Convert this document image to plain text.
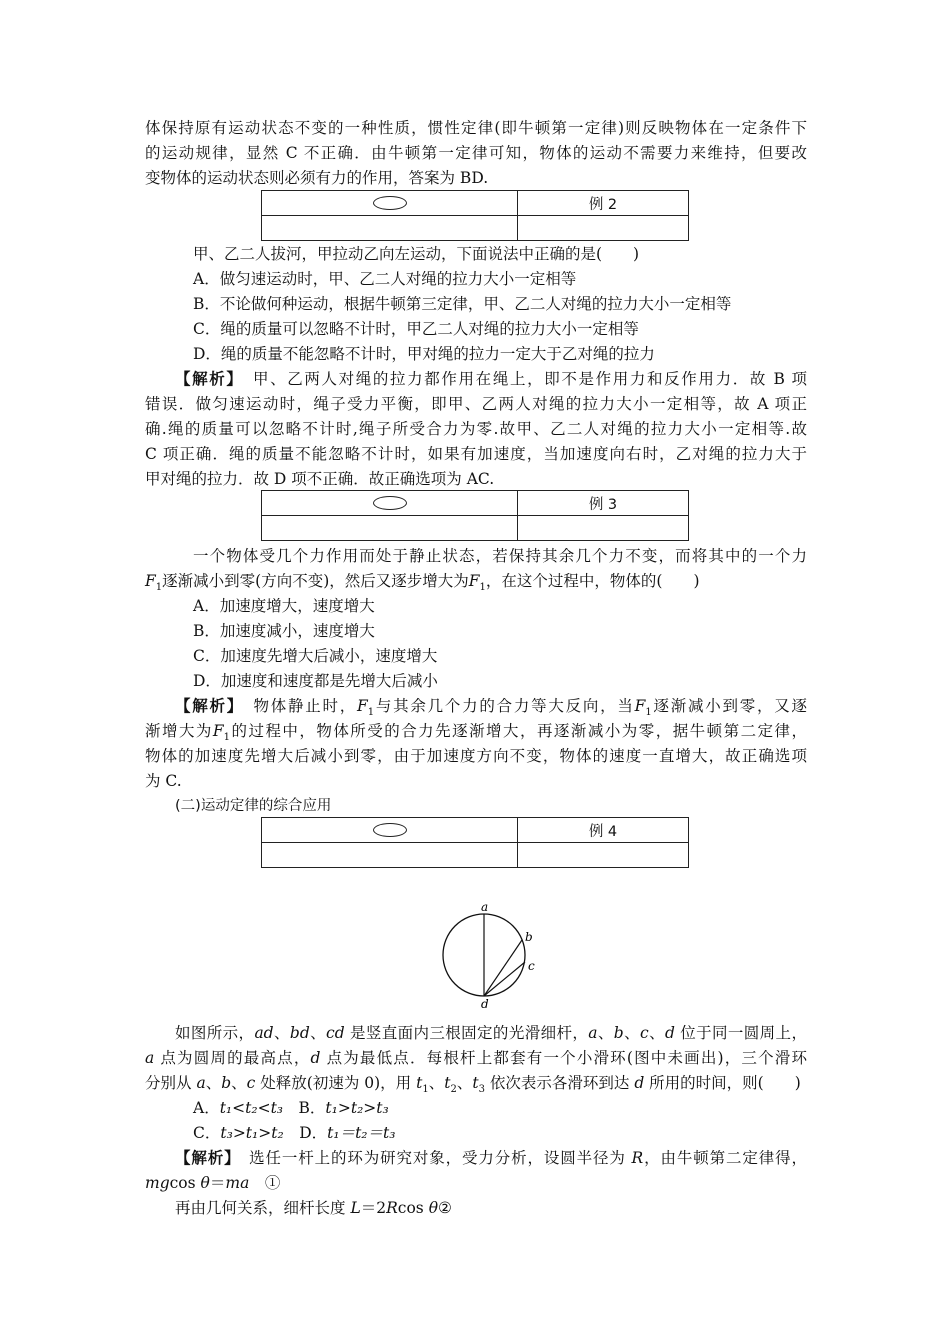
体保持原有运动状态不变的一种性质，惯性定律(即牛顿第一定律)则反映物体在一定条件下
的运动规律，显然 C 不正确．由牛顿第一定律可知，物体的运动不需要力来维持，但要改
变物体的运动状态则必须有力的作用，答案为 BD.
	例 2

甲、乙二人拔河，甲拉动乙向左运动，下面说法中正确的是(　　)
A．做匀速运动时，甲、乙二人对绳的拉力大小一定相等
B．不论做何种运动，根据牛顿第三定律，甲、乙二人对绳的拉力大小一定相等
C．绳的质量可以忽略不计时，甲乙二人对绳的拉力大小一定相等
D．绳的质量不能忽略不计时，甲对绳的拉力一定大于乙对绳的拉力
【解析】　 甲、乙两人对绳的拉力都作用在绳上，即不是作用力和反作用力．故 B 项
错误．做匀速运动时，绳子受力平衡，即甲、乙两人对绳的拉力大小一定相等，故 A 项正
确.绳的质量可以忽略不计时,绳子所受合力为零.故甲、乙二人对绳的拉力大小一定相等.故
C 项正确．绳的质量不能忽略不计时，如果有加速度，当加速度向右时，乙对绳的拉力大于
甲对绳的拉力．故 D 项不正确．故正确选项为 AC.
	例 3

一个物体受几个力作用而处于静止状态，若保持其余几个力不变，而将其中的一个力
$F_1$逐渐减小到零(方向不变)，然后又逐步增大为$F_1$，在这个过程中，物体的(　　)
A．加速度增大，速度增大
B．加速度减小，速度增大
C．加速度先增大后减小，速度增大
D．加速度和速度都是先增大后减小
【解析】　 物体静止时，$F_1$与其余几个力的合力等大反向，当$F_1$逐渐减小到零，又逐
渐增大为$F_1$的过程中，物体所受的合力先逐渐增大，再逐渐减小为零，据牛顿第二定律，
物体的加速度先增大后减小到零，由于加速度方向不变，物体的速度一直增大，故正确选项
为 C.
(二)运动定律的综合应用
	例 4

a
b
c
d
如图所示，ad、bd、cd 是竖直面内三根固定的光滑细杆，a、b、c、d 位于同一圆周上，
a 点为圆周的最高点，d 点为最低点．每根杆上都套有一个小滑环(图中未画出)，三个滑环
分别从 a、b、c 处释放(初速为 0)，用 $t_1$、$t_2$、$t_3$ 依次表示各滑环到达 d 所用的时间，则(　　)
A．t₁<t₂<t₃　 B．t₁>t₂>t₃
C．t₃>t₁>t₂　 D．t₁＝t₂＝t₃
【解析】　 选任一杆上的环为研究对象，受力分析，设圆半径为 R，由牛顿第二定律得，
mgcos θ＝ma　①
再由几何关系，细杆长度 L＝2Rcos θ②
